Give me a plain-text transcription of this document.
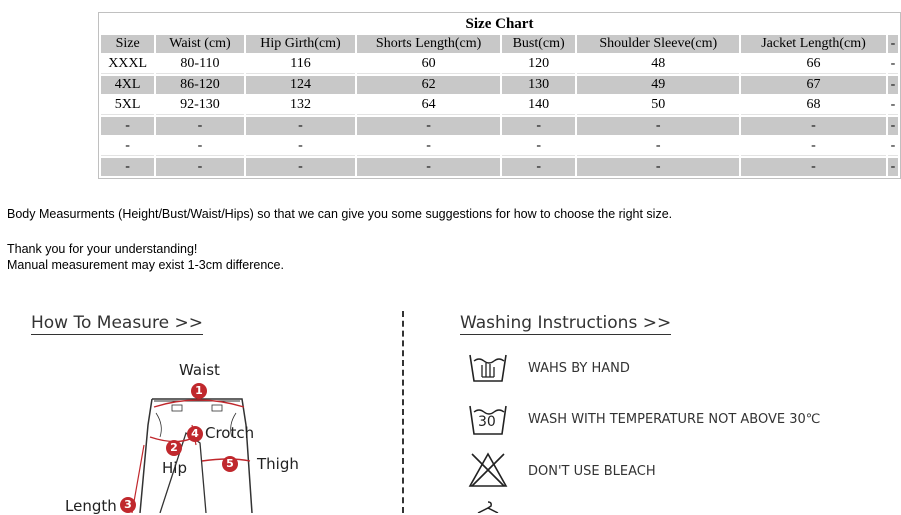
Size Chart							
Size	Waist (cm)	Hip Girth(cm)	Shorts Length(cm)	Bust(cm)	Shoulder Sleeve(cm)	Jacket Length(cm)	-
XXXL	80-110	116	60	120	48	66	-
4XL	86-120	124	62	130	49	67	-
5XL	92-130	132	64	140	50	68	-
-	-	-	-	-	-	-	-
-	-	-	-	-	-	-	-
-	-	-	-	-	-	-	-

Body Measurments (Height/Bust/Waist/Hips) so that we can give you some suggestions for how to choose the right size.

Thank you for your understanding!

Manual measurement may exist 1-3cm difference.

How To Measure >>
1
2
3
4
5
Waist
Crotch
Hip	Thigh
Length
Washing Instructions >>
WAHS BY HAND
30 WASH WITH TEMPERATURE NOT ABOVE 30℃
DON'T USE BLEACH
